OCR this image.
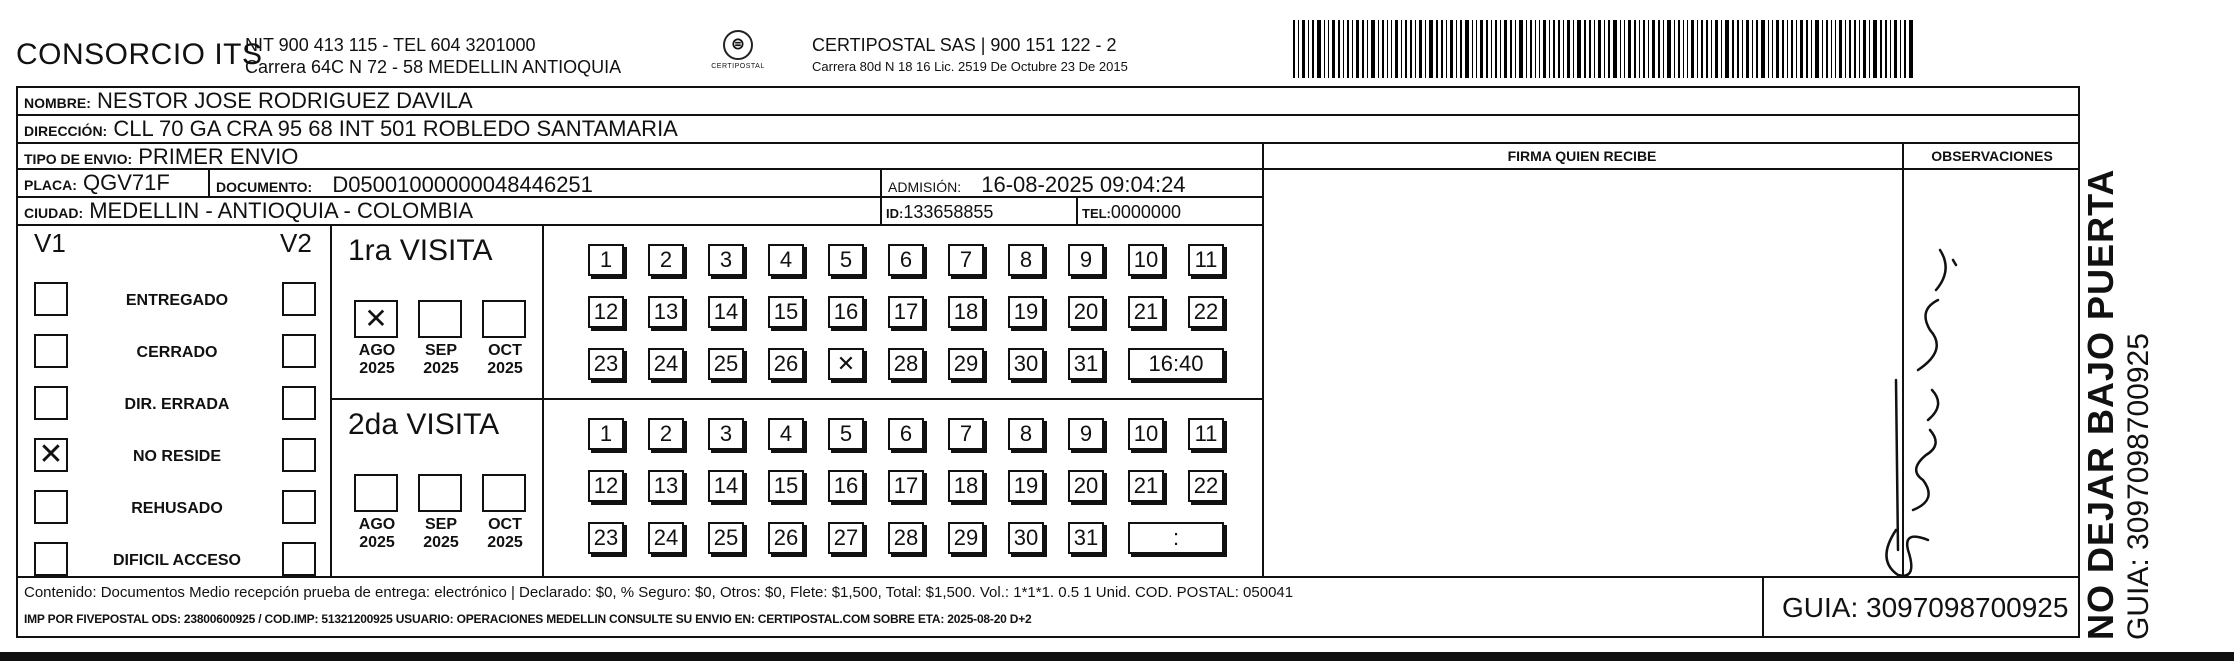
CONSORCIO ITS
NIT 900 413 115 - TEL 604 3201000
Carrera 64C N 72 - 58 MEDELLIN ANTIOQUIA
⊜
CERTIPOSTAL
CERTIPOSTAL SAS | 900 151 122 - 2
Carrera 80d N 18 16 Lic. 2519 De Octubre 23 De 2015
NOMBRE: NESTOR JOSE RODRIGUEZ DAVILA
DIRECCIÓN: CLL 70 GA CRA 95 68 INT 501 ROBLEDO SANTAMARIA
TIPO DE ENVIO: PRIMER ENVIO
PLACA: QGV71F	DOCUMENTO: D05001000000048446251	ADMISIÓN: 16-08-2025 09:04:24
CIUDAD: MEDELLIN - ANTIOQUIA - COLOMBIA	ID:133658855	TEL:0000000
FIRMA QUIEN RECIBE	OBSERVACIONES
V1	V2
ENTREGADO
CERRADO
DIR. ERRADA
✕	NO RESIDE
REHUSADO
DIFICIL ACCESO
1ra VISITA
2da VISITA
✕
AGO
2025
SEP
2025
OCT
2025
AGO
2025
SEP
2025
OCT
2025
1	2	3	4	5	6	7	8	9	10 11
12 13 14 15 16 17 18 19 20 21 22
23 24 25 26	✕	28 29 30 31	16:40
1	2	3	4	5	6	7	8	9	10 11
12 13 14 15 16 17 18 19 20 21 22
23 24 25 26 27 28 29 30 31	:
Contenido: Documentos Medio recepción prueba de entrega: electrónico | Declarado: $0, % Seguro: $0, Otros: $0, Flete: $1,500, Total: $1,500. Vol.: 1*1*1. 0.5 1 Unid. COD. POSTAL: 050041
IMP POR FIVEPOSTAL ODS: 23800600925 / COD.IMP: 51321200925 USUARIO: OPERACIONES MEDELLIN CONSULTE SU ENVIO EN: CERTIPOSTAL.COM SOBRE ETA: 2025-08-20 D+2	GUIA: 3097098700925 NO DEJAR BAJO PUERTA GUIA: 3097098700925
